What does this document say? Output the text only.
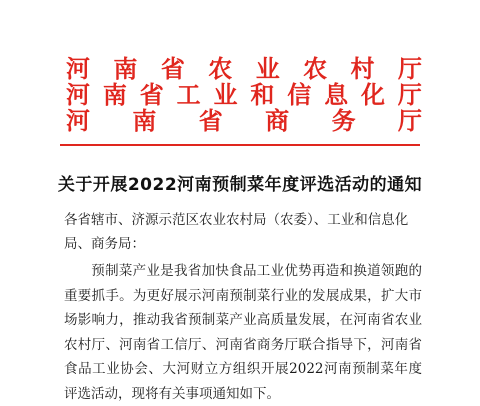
河 南 省 农 业 农 村 厅
河 南 省 工 业 和 信 息 化 厅
河 南 省 商 务 厅
关于开展2022河南预制菜年度评选活动的通知
各省辖市、济源示范区农业农村局（农委）、工业和信息化局、商务局：
预制菜产业是我省加快食品工业优势再造和换道领跑的重要抓手。为更好展示河南预制菜行业的发展成果，扩大市场影响力，推动我省预制菜产业高质量发展，在河南省农业农村厅、河南省工信厅、河南省商务厅联合指导下，河南省食品工业协会、大河财立方组织开展2022河南预制菜年度评选活动，现将有关事项通知如下。
